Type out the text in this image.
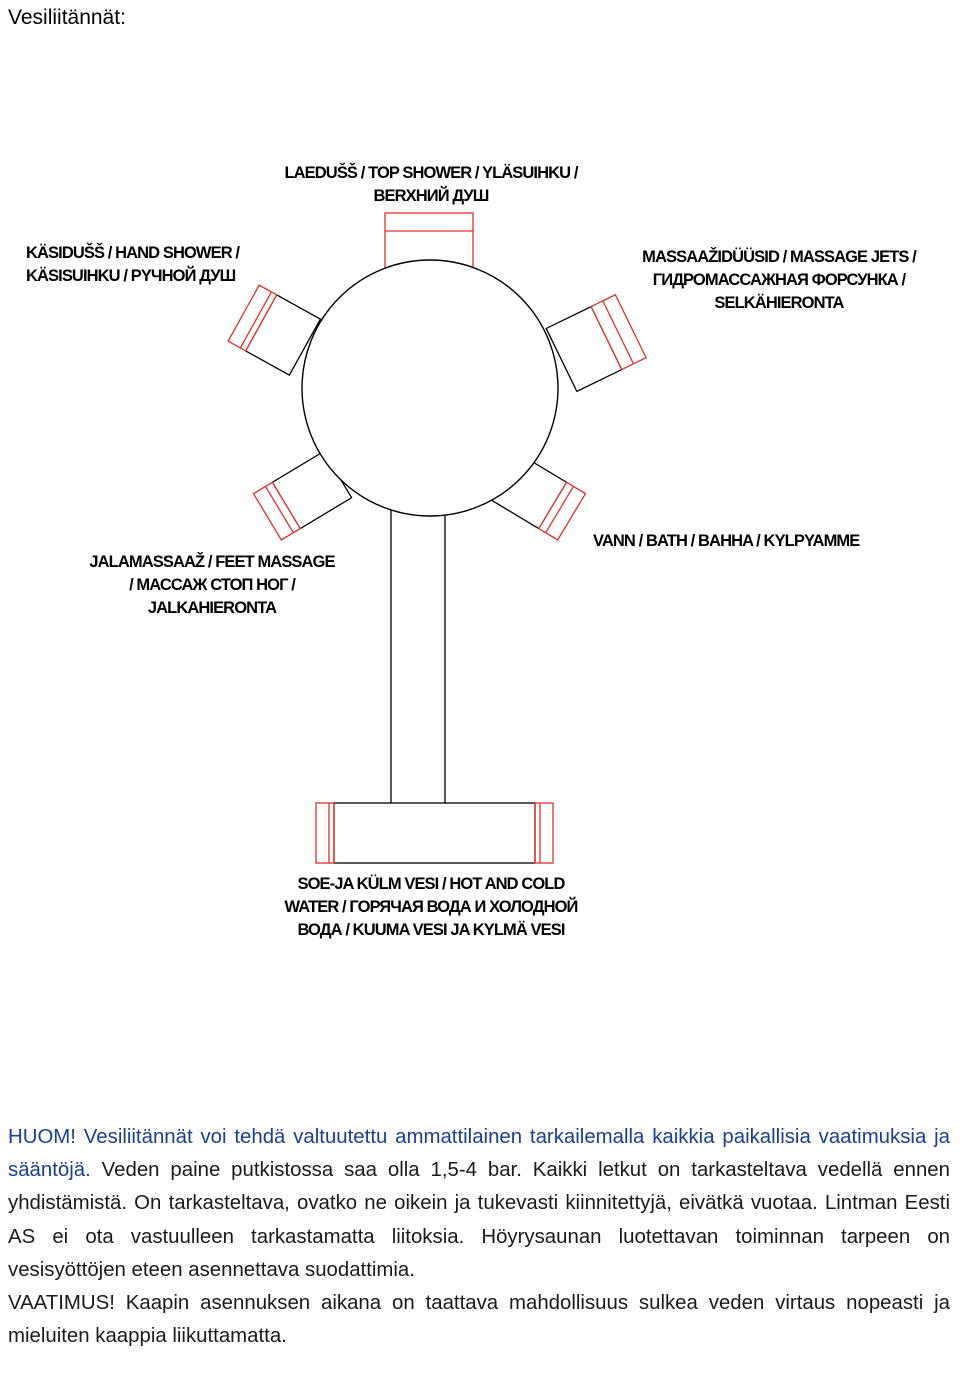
Vesiliitännät:
LAEDUŠŠ / TOP SHOWER / YLÄSUIHKU /
BERXHИЙ ДУШ
KÄSIDUŠŠ / HAND SHOWER /
KÄSISUIHKU / PYЧHOЙ ДУШ
MASSAAŽIDÜÜSID / MASSAGE JETS /
ГИДРОМАССАЖНАЯ ФОРСУНКА /
SELKÄHIERONTA
VANN / BATH / BAHHA / KYLPYAMME
JALAMASSAAŽ / FEET MASSAGE
/ МАССАЖ СТОП НОГ /
JALKAHIERONTA
SOE-JA KÜLM VESI / HOT AND COLD
WATER / ГОРЯЧАЯ ВОДА И ХОЛОДНОЙ
ВОДА / KUUMA VESI JA KYLMÄ VESI

HUOM! Vesiliitännät voi tehdä valtuutettu ammattilainen tarkailemalla kaikkia paikallisia vaatimuksia ja sääntöjä. Veden paine putkistossa saa olla 1,5-4 bar. Kaikki letkut on tarkasteltava vedellä ennen yhdistämistä. On tarkasteltava, ovatko ne oikein ja tukevasti kiinnitettyjä, eivätkä vuotaa. Lintman Eesti AS ei ota vastuulleen tarkastamatta liitoksia. Höyrysaunan luotettavan toiminnan tarpeen on vesisyöttöjen eteen asennettava suodattimia.

VAATIMUS! Kaapin asennuksen aikana on taattava mahdollisuus sulkea veden virtaus nopeasti ja mieluiten kaappia liikuttamatta.
